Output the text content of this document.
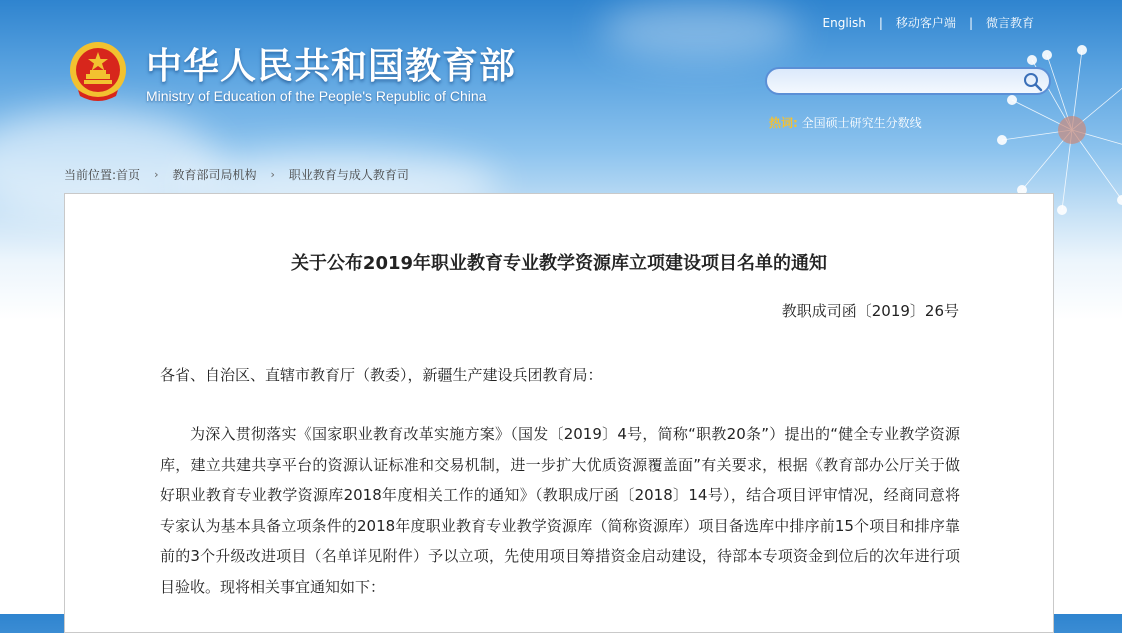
中华人民共和国教育部
Ministry of Education of the People's Republic of China
English | 移动客户端 | 微言教育
热词: 全国硕士研究生分数线
当前位置: 首页 › 教育部司局机构 › 职业教育与成人教育司
关于公布2019年职业教育专业教学资源库立项建设项目名单的通知
教职成司函〔2019〕26号
各省、自治区、直辖市教育厅（教委），新疆生产建设兵团教育局：
为深入贯彻落实《国家职业教育改革实施方案》（国发〔2019〕4号，简称“职教20条”）提出的“健全专业教学资源库，建立共建共享平台的资源认证标准和交易机制，进一步扩大优质资源覆盖面”有关要求，根据《教育部办公厅关于做好职业教育专业教学资源库2018年度相关工作的通知》（教职成厅函〔2018〕14号），结合项目评审情况，经商同意将专家认为基本具备立项条件的2018年度职业教育专业教学资源库（简称资源库）项目备选库中排序前15个项目和排序靠前的3个升级改进项目（名单详见附件）予以立项，先使用项目筹措资金启动建设，待部本专项资金到位后的次年进行项目验收。现将相关事宜通知如下：
